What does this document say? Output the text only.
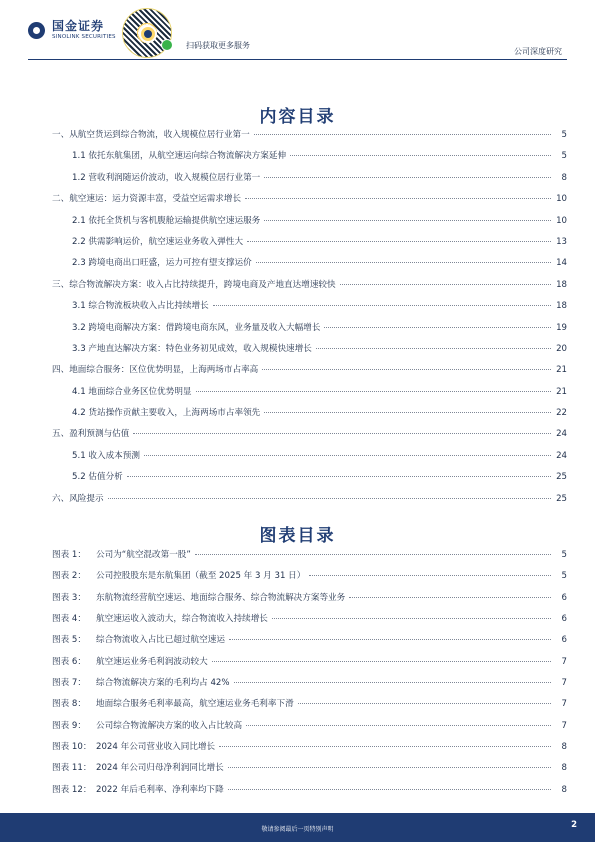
国金证券
SINOLINK SECURITIES
扫码获取更多服务
公司深度研究
内容目录
一、从航空货运到综合物流，收入规模位居行业第一	5
1.1 依托东航集团，从航空速运向综合物流解决方案延伸	5
1.2 营收利润随运价波动，收入规模位居行业第一	8
二、航空速运：运力资源丰富，受益空运需求增长	10
2.1 依托全货机与客机腹舱运输提供航空速运服务	10
2.2 供需影响运价，航空速运业务收入弹性大	13
2.3 跨境电商出口旺盛，运力可控有望支撑运价	14
三、综合物流解决方案：收入占比持续提升，跨境电商及产地直达增速较快	18
3.1 综合物流板块收入占比持续增长	18
3.2 跨境电商解决方案：借跨境电商东风，业务量及收入大幅增长	19
3.3 产地直达解决方案：特色业务初见成效，收入规模快速增长	20
四、地面综合服务：区位优势明显，上海两场市占率高	21
4.1 地面综合业务区位优势明显	21
4.2 货站操作贡献主要收入，上海两场市占率领先	22
五、盈利预测与估值	24
5.1 收入成本预测	24
5.2 估值分析	25
六、风险提示	25
图表目录
图表 1：	公司为“航空混改第一股”	5
图表 2：	公司控股股东是东航集团（截至 2025 年 3 月 31 日）	5
图表 3：	东航物流经营航空速运、地面综合服务、综合物流解决方案等业务	6
图表 4：	航空速运收入波动大，综合物流收入持续增长	6
图表 5：	综合物流收入占比已超过航空速运	6
图表 6：	航空速运业务毛利润波动较大	7
图表 7：	综合物流解决方案的毛利均占 42%	7
图表 8：	地面综合服务毛利率最高，航空速运业务毛利率下滑	7
图表 9：	公司综合物流解决方案的收入占比较高	7
图表 10： 2024 年公司营业收入同比增长	8
图表 11： 2024 年公司归母净利润同比增长	8
图表 12： 2022 年后毛利率、净利率均下降	8
敬请参阅最后一页特别声明	2
